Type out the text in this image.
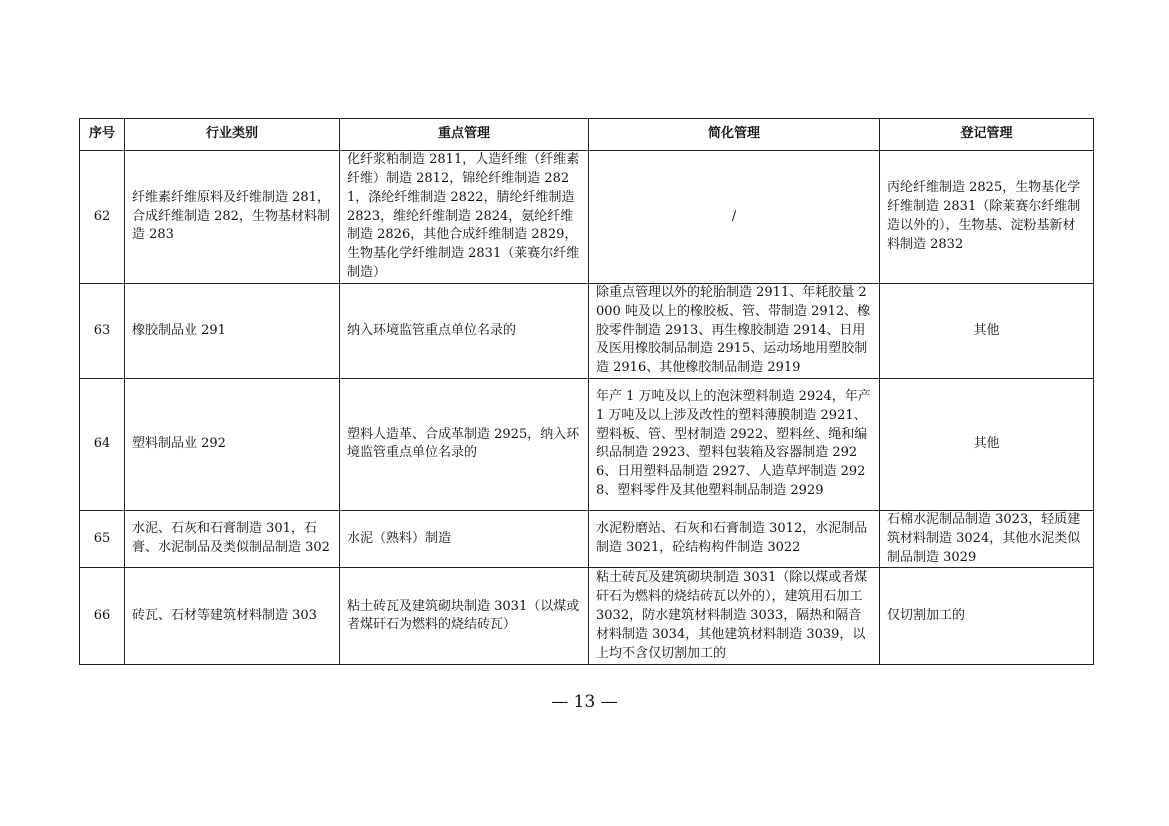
序号	行业类别	重点管理	简化管理	登记管理
62	纤维素纤维原料及纤维制造 281，合成纤维制造 282，生物基材料制造 283	化纤浆粕制造 2811，人造纤维（纤维素纤维）制造 2812，锦纶纤维制造 2821，涤纶纤维制造 2822，腈纶纤维制造 2823，维纶纤维制造 2824，氨纶纤维制造 2826，其他合成纤维制造 2829，生物基化学纤维制造 2831（莱赛尔纤维制造）	/	丙纶纤维制造 2825，生物基化学纤维制造 2831（除莱赛尔纤维制造以外的），生物基、淀粉基新材料制造 2832
63	橡胶制品业 291	纳入环境监管重点单位名录的	除重点管理以外的轮胎制造 2911、年耗胶量 2000 吨及以上的橡胶板、管、带制造 2912、橡胶零件制造 2913、再生橡胶制造 2914、日用及医用橡胶制品制造 2915、运动场地用塑胶制造 2916、其他橡胶制品制造 2919	其他
64	塑料制品业 292	塑料人造革、合成革制造 2925，纳入环境监管重点单位名录的	年产 1 万吨及以上的泡沫塑料制造 2924，年产 1 万吨及以上涉及改性的塑料薄膜制造 2921、塑料板、管、型材制造 2922、塑料丝、绳和编织品制造 2923、塑料包装箱及容器制造 2926、日用塑料品制造 2927、人造草坪制造 2928、塑料零件及其他塑料制品制造 2929	其他
65	水泥、石灰和石膏制造 301，石膏、水泥制品及类似制品制造 302	水泥（熟料）制造	水泥粉磨站、石灰和石膏制造 3012，水泥制品制造 3021，砼结构构件制造 3022	石棉水泥制品制造 3023，轻质建筑材料制造 3024，其他水泥类似制品制造 3029
66	砖瓦、石材等建筑材料制造 303	粘土砖瓦及建筑砌块制造 3031（以煤或者煤矸石为燃料的烧结砖瓦）	粘土砖瓦及建筑砌块制造 3031（除以煤或者煤矸石为燃料的烧结砖瓦以外的），建筑用石加工 3032，防水建筑材料制造 3033，隔热和隔音材料制造 3034，其他建筑材料制造 3039，以上均不含仅切割加工的	仅切割加工的
— 13 —
